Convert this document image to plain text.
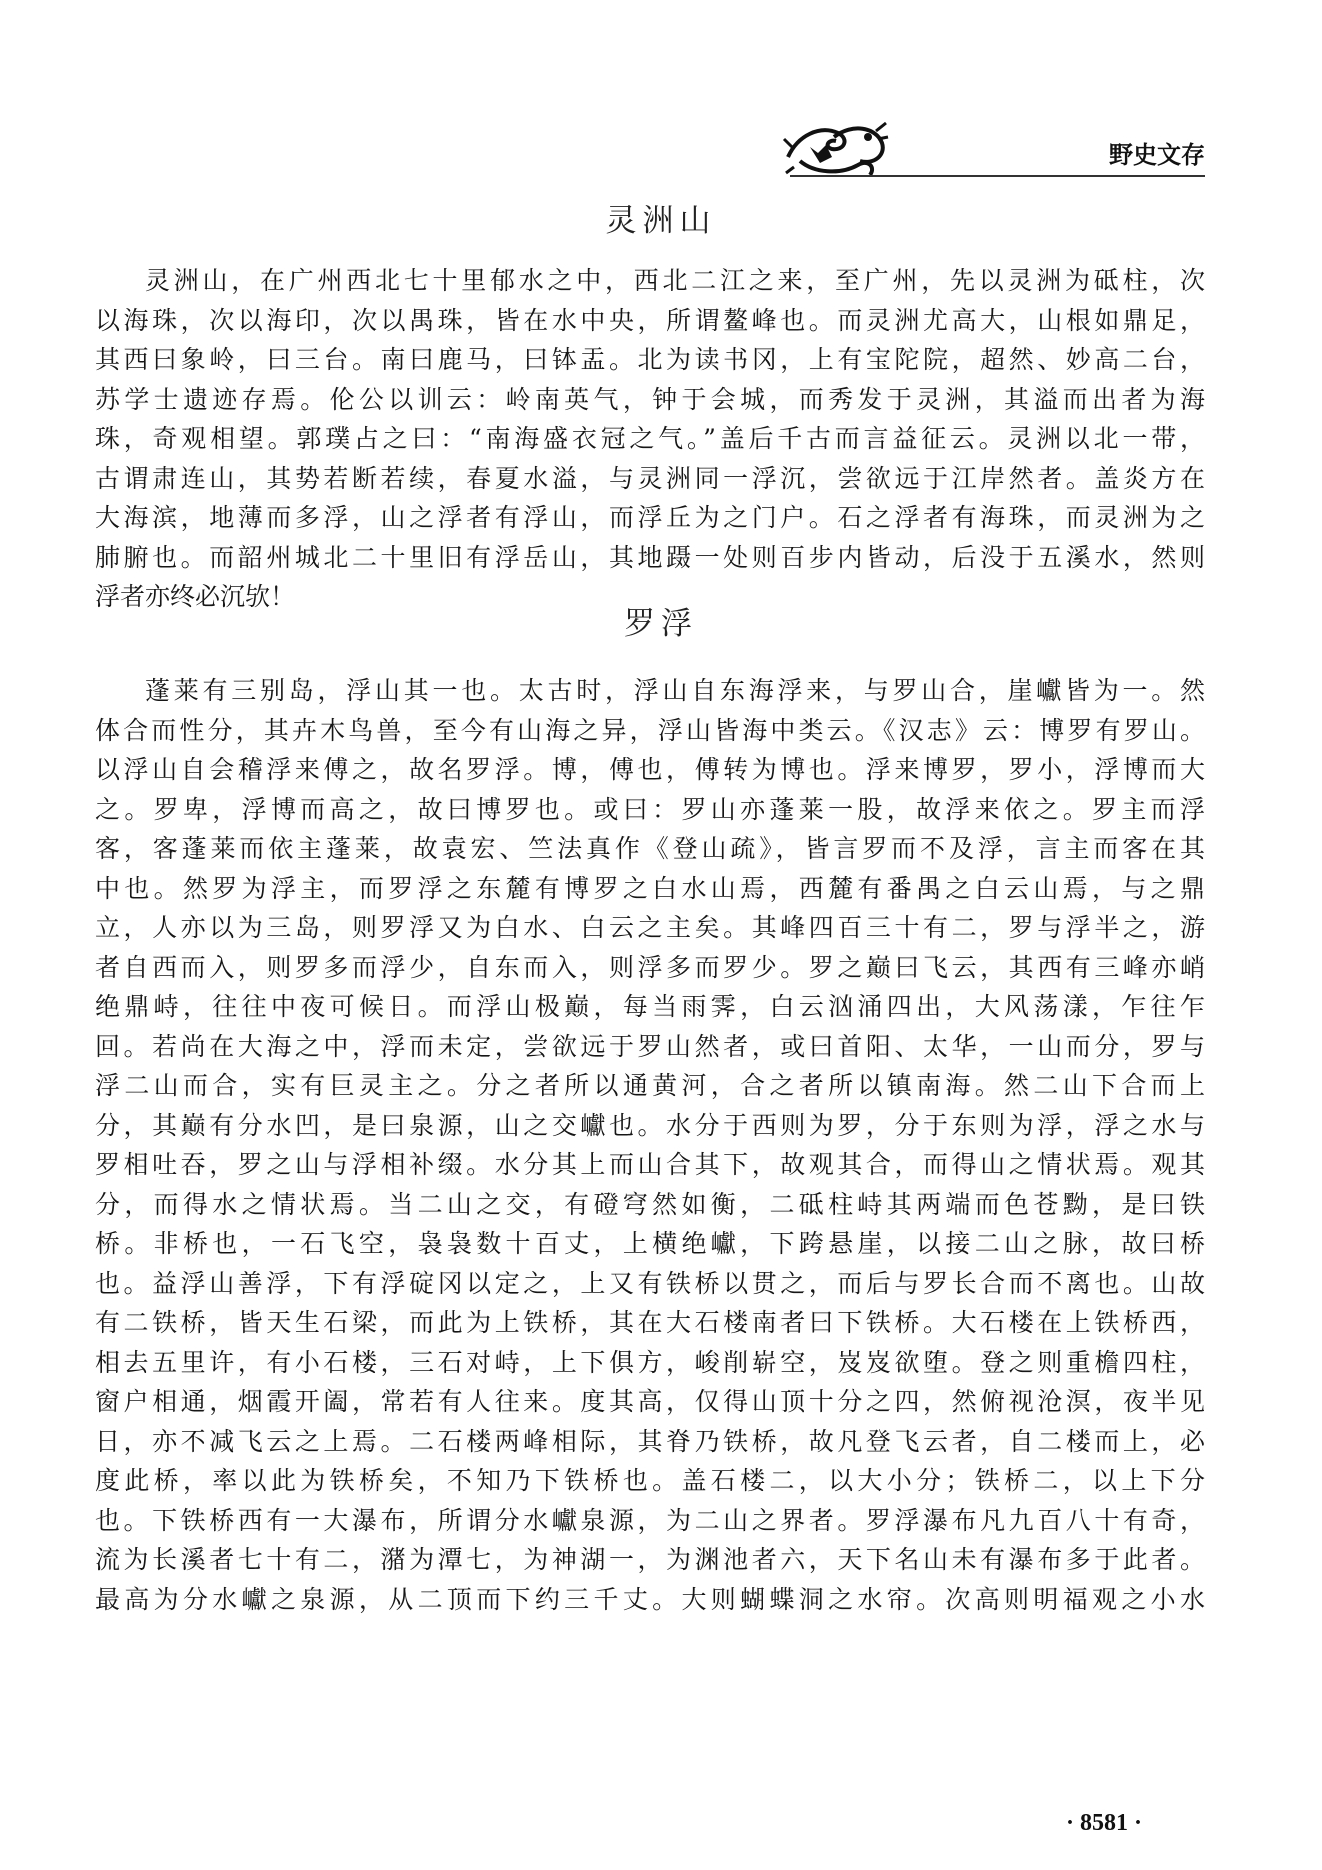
野史文存
灵洲山
灵洲山，在广州西北七十里郁水之中，西北二江之来，至广州，先以灵洲为砥柱，次
以海珠，次以海印，次以禺珠，皆在水中央，所谓鳌峰也。而灵洲尤高大，山根如鼎足，
其西曰象岭，曰三台。南曰鹿马，曰钵盂。北为读书冈，上有宝陀院，超然、妙高二台，
苏学士遗迹存焉。伦公以训云：岭南英气，钟于会城，而秀发于灵洲，其溢而出者为海
珠，奇观相望。郭璞占之曰：“南海盛衣冠之气。”盖后千古而言益征云。灵洲以北一带，
古谓肃连山，其势若断若续，春夏水溢，与灵洲同一浮沉，尝欲远于江岸然者。盖炎方在
大海滨，地薄而多浮，山之浮者有浮山，而浮丘为之门户。石之浮者有海珠，而灵洲为之
肺腑也。而韶州城北二十里旧有浮岳山，其地蹑一处则百步内皆动，后没于五溪水，然则
浮者亦终必沉欤！
罗浮
蓬莱有三别岛，浮山其一也。太古时，浮山自东海浮来，与罗山合，崖巘皆为一。然
体合而性分，其卉木鸟兽，至今有山海之异，浮山皆海中类云。《汉志》云：博罗有罗山。
以浮山自会稽浮来傅之，故名罗浮。博，傅也，傅转为博也。浮来博罗，罗小，浮博而大
之。罗卑，浮博而高之，故曰博罗也。或曰：罗山亦蓬莱一股，故浮来依之。罗主而浮
客，客蓬莱而依主蓬莱，故袁宏、竺法真作《登山疏》，皆言罗而不及浮，言主而客在其
中也。然罗为浮主，而罗浮之东麓有博罗之白水山焉，西麓有番禺之白云山焉，与之鼎
立，人亦以为三岛，则罗浮又为白水、白云之主矣。其峰四百三十有二，罗与浮半之，游
者自西而入，则罗多而浮少，自东而入，则浮多而罗少。罗之巅曰飞云，其西有三峰亦峭
绝鼎峙，往往中夜可候日。而浮山极巅，每当雨霁，白云汹涌四出，大风荡漾，乍往乍
回。若尚在大海之中，浮而未定，尝欲远于罗山然者，或曰首阳、太华，一山而分，罗与
浮二山而合，实有巨灵主之。分之者所以通黄河，合之者所以镇南海。然二山下合而上
分，其巅有分水凹，是曰泉源，山之交巘也。水分于西则为罗，分于东则为浮，浮之水与
罗相吐吞，罗之山与浮相补缀。水分其上而山合其下，故观其合，而得山之情状焉。观其
分，而得水之情状焉。当二山之交，有磴穹然如衡，二砥柱峙其两端而色苍黝，是曰铁
桥。非桥也，一石飞空，袅袅数十百丈，上横绝巘，下跨悬崖，以接二山之脉，故曰桥
也。益浮山善浮，下有浮碇冈以定之，上又有铁桥以贯之，而后与罗长合而不离也。山故
有二铁桥，皆天生石梁，而此为上铁桥，其在大石楼南者曰下铁桥。大石楼在上铁桥西，
相去五里许，有小石楼，三石对峙，上下俱方，峻削崭空，岌岌欲堕。登之则重檐四柱，
窗户相通，烟霞开阖，常若有人往来。度其高，仅得山顶十分之四，然俯视沧溟，夜半见
日，亦不减飞云之上焉。二石楼两峰相际，其脊乃铁桥，故凡登飞云者，自二楼而上，必
度此桥，率以此为铁桥矣，不知乃下铁桥也。盖石楼二，以大小分；铁桥二，以上下分
也。下铁桥西有一大瀑布，所谓分水巘泉源，为二山之界者。罗浮瀑布凡九百八十有奇，
流为长溪者七十有二，潴为潭七，为神湖一，为渊池者六，天下名山未有瀑布多于此者。
最高为分水巘之泉源，从二顶而下约三千丈。大则蝴蝶洞之水帘。次高则明福观之小水
· 8581 ·
